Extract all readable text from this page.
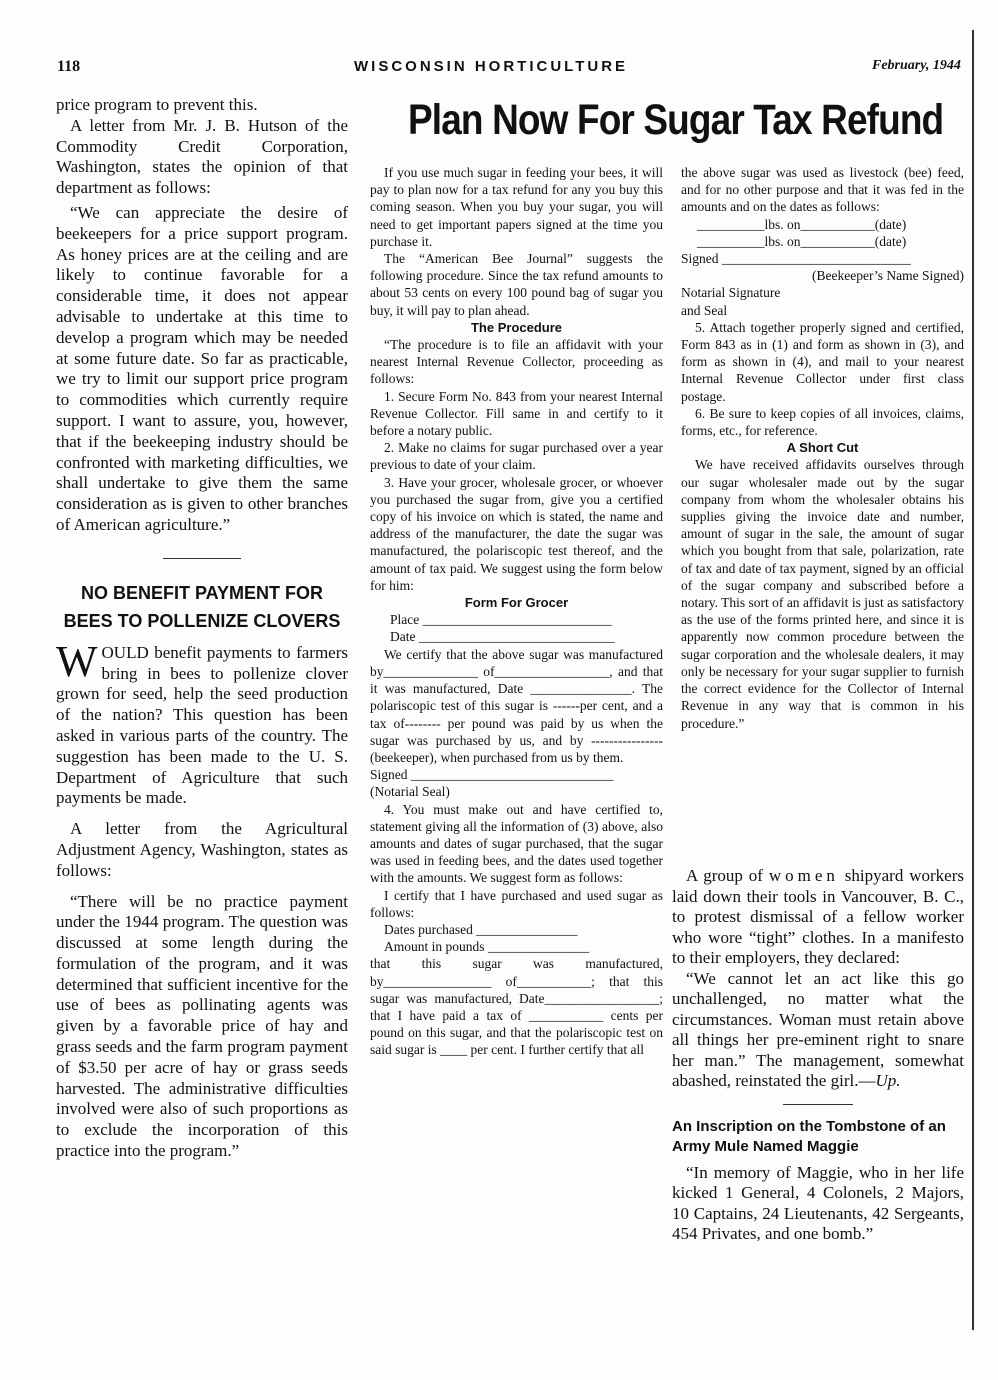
118	WISCONSIN HORTICULTURE	February, 1944
Plan Now For Sugar Tax Refund

price program to prevent this.

A letter from Mr. J. B. Hutson of the Commodity Credit Corporation, Washington, states the opinion of that department as follows:

“We can appreciate the desire of beekeepers for a price support program. As honey prices are at the ceiling and are likely to continue favorable for a considerable time, it does not appear advisable to undertake at this time to develop a program which may be needed at some future date. So far as practicable, we try to limit our support price program to commodities which currently require support. I want to assure, you, however, that if the beekeeping industry should be confronted with marketing difficulties, we shall undertake to give them the same consideration as is given to other branches of American agriculture.”

NO BENEFIT PAYMENT FOR BEES TO POLLENIZE CLOVERS

WOULD benefit payments to farmers bring in bees to pollenize clover grown for seed, help the seed production of the nation? This question has been asked in various parts of the country. The suggestion has been made to the U. S. Department of Agriculture that such payments be made.

A letter from the Agricultural Adjustment Agency, Washington, states as follows:

“There will be no practice payment under the 1944 program. The question was discussed at some length during the formulation of the program, and it was determined that sufficient incentive for the use of bees as pollinating agents was given by a favorable price of hay and grass seeds and the farm program payment of $3.50 per acre of hay or grass seeds harvested. The administrative difficulties involved were also of such proportions as to exclude the incorporation of this practice into the program.”

If you use much sugar in feeding your bees, it will pay to plan now for a tax refund for any you buy this coming season. When you buy your sugar, you will need to get important papers signed at the time you purchase it.

The “American Bee Journal” suggests the following procedure. Since the tax refund amounts to about 53 cents on every 100 pound bag of sugar you buy, it will pay to plan ahead.

The Procedure

“The procedure is to file an affidavit with your nearest Internal Revenue Collector, proceeding as follows:

1. Secure Form No. 843 from your nearest Internal Revenue Collector. Fill same in and certify to it before a notary public.

2. Make no claims for sugar purchased over a year previous to date of your claim.

3. Have your grocer, wholesale grocer, or whoever you purchased the sugar from, give you a certified copy of his invoice on which is stated, the name and address of the manufacturer, the date the sugar was manufactured, the polariscopic test thereof, and the amount of tax paid. We suggest using the form below for him:

Form For Grocer

Place ____________________________

Date _____________________________

We certify that the above sugar was manufactured by______________ of_________________, and that it was manufactured, Date _______________. The polariscopic test of this sugar is ------per cent, and a tax of-------- per pound was paid by us when the sugar was purchased by us, and by ---------------- (beekeeper), when purchased from us by them.

Signed ______________________________

(Notarial Seal)

4. You must make out and have certified to, statement giving all the information of (3) above, also amounts and dates of sugar purchased, that the sugar was used in feeding bees, and the dates used together with the amounts. We suggest form as follows:

I certify that I have purchased and used sugar as follows:

Dates purchased _______________

Amount in pounds _______________

that this sugar was manufactured, by________________ of___________; that this sugar was manufactured, Date_________________; that I have paid a tax of ___________ cents per pound on this sugar, and that the polariscopic test on said sugar is ____ per cent. I further certify that all

the above sugar was used as livestock (bee) feed, and for no other purpose and that it was fed in the amounts and on the dates as follows:

__________lbs. on___________(date)

__________lbs. on___________(date)

Signed ____________________________

(Beekeeper’s Name Signed)

Notarial Signature

and Seal

5. Attach together properly signed and certified, Form 843 as in (1) and form as shown in (3), and form as shown in (4), and mail to your nearest Internal Revenue Collector under first class postage.

6. Be sure to keep copies of all invoices, claims, forms, etc., for reference.

A Short Cut

We have received affidavits ourselves through our sugar wholesaler made out by the sugar company from whom the wholesaler obtains his supplies giving the invoice date and number, amount of sugar in the sale, the amount of sugar which you bought from that sale, polarization, rate of tax and date of tax payment, signed by an official of the sugar company and subscribed before a notary. This sort of an affidavit is just as satisfactory as the use of the forms printed here, and since it is apparently now common procedure between the sugar corporation and the wholesale dealers, it may only be necessary for your sugar supplier to furnish the correct evidence for the Collector of Internal Revenue in any way that is common in his procedure.”

A group of women shipyard workers laid down their tools in Vancouver, B. C., to protest dismissal of a fellow worker who wore “tight” clothes. In a manifesto to their employers, they declared:

“We cannot let an act like this go unchallenged, no matter what the circumstances. Woman must retain above all things her pre-eminent right to snare her man.” The management, somewhat abashed, reinstated the girl.—Up.

An Inscription on the Tombstone of an Army Mule Named Maggie

“In memory of Maggie, who in her life kicked 1 General, 4 Colonels, 2 Majors, 10 Captains, 24 Lieutenants, 42 Sergeants, 454 Privates, and one bomb.”
